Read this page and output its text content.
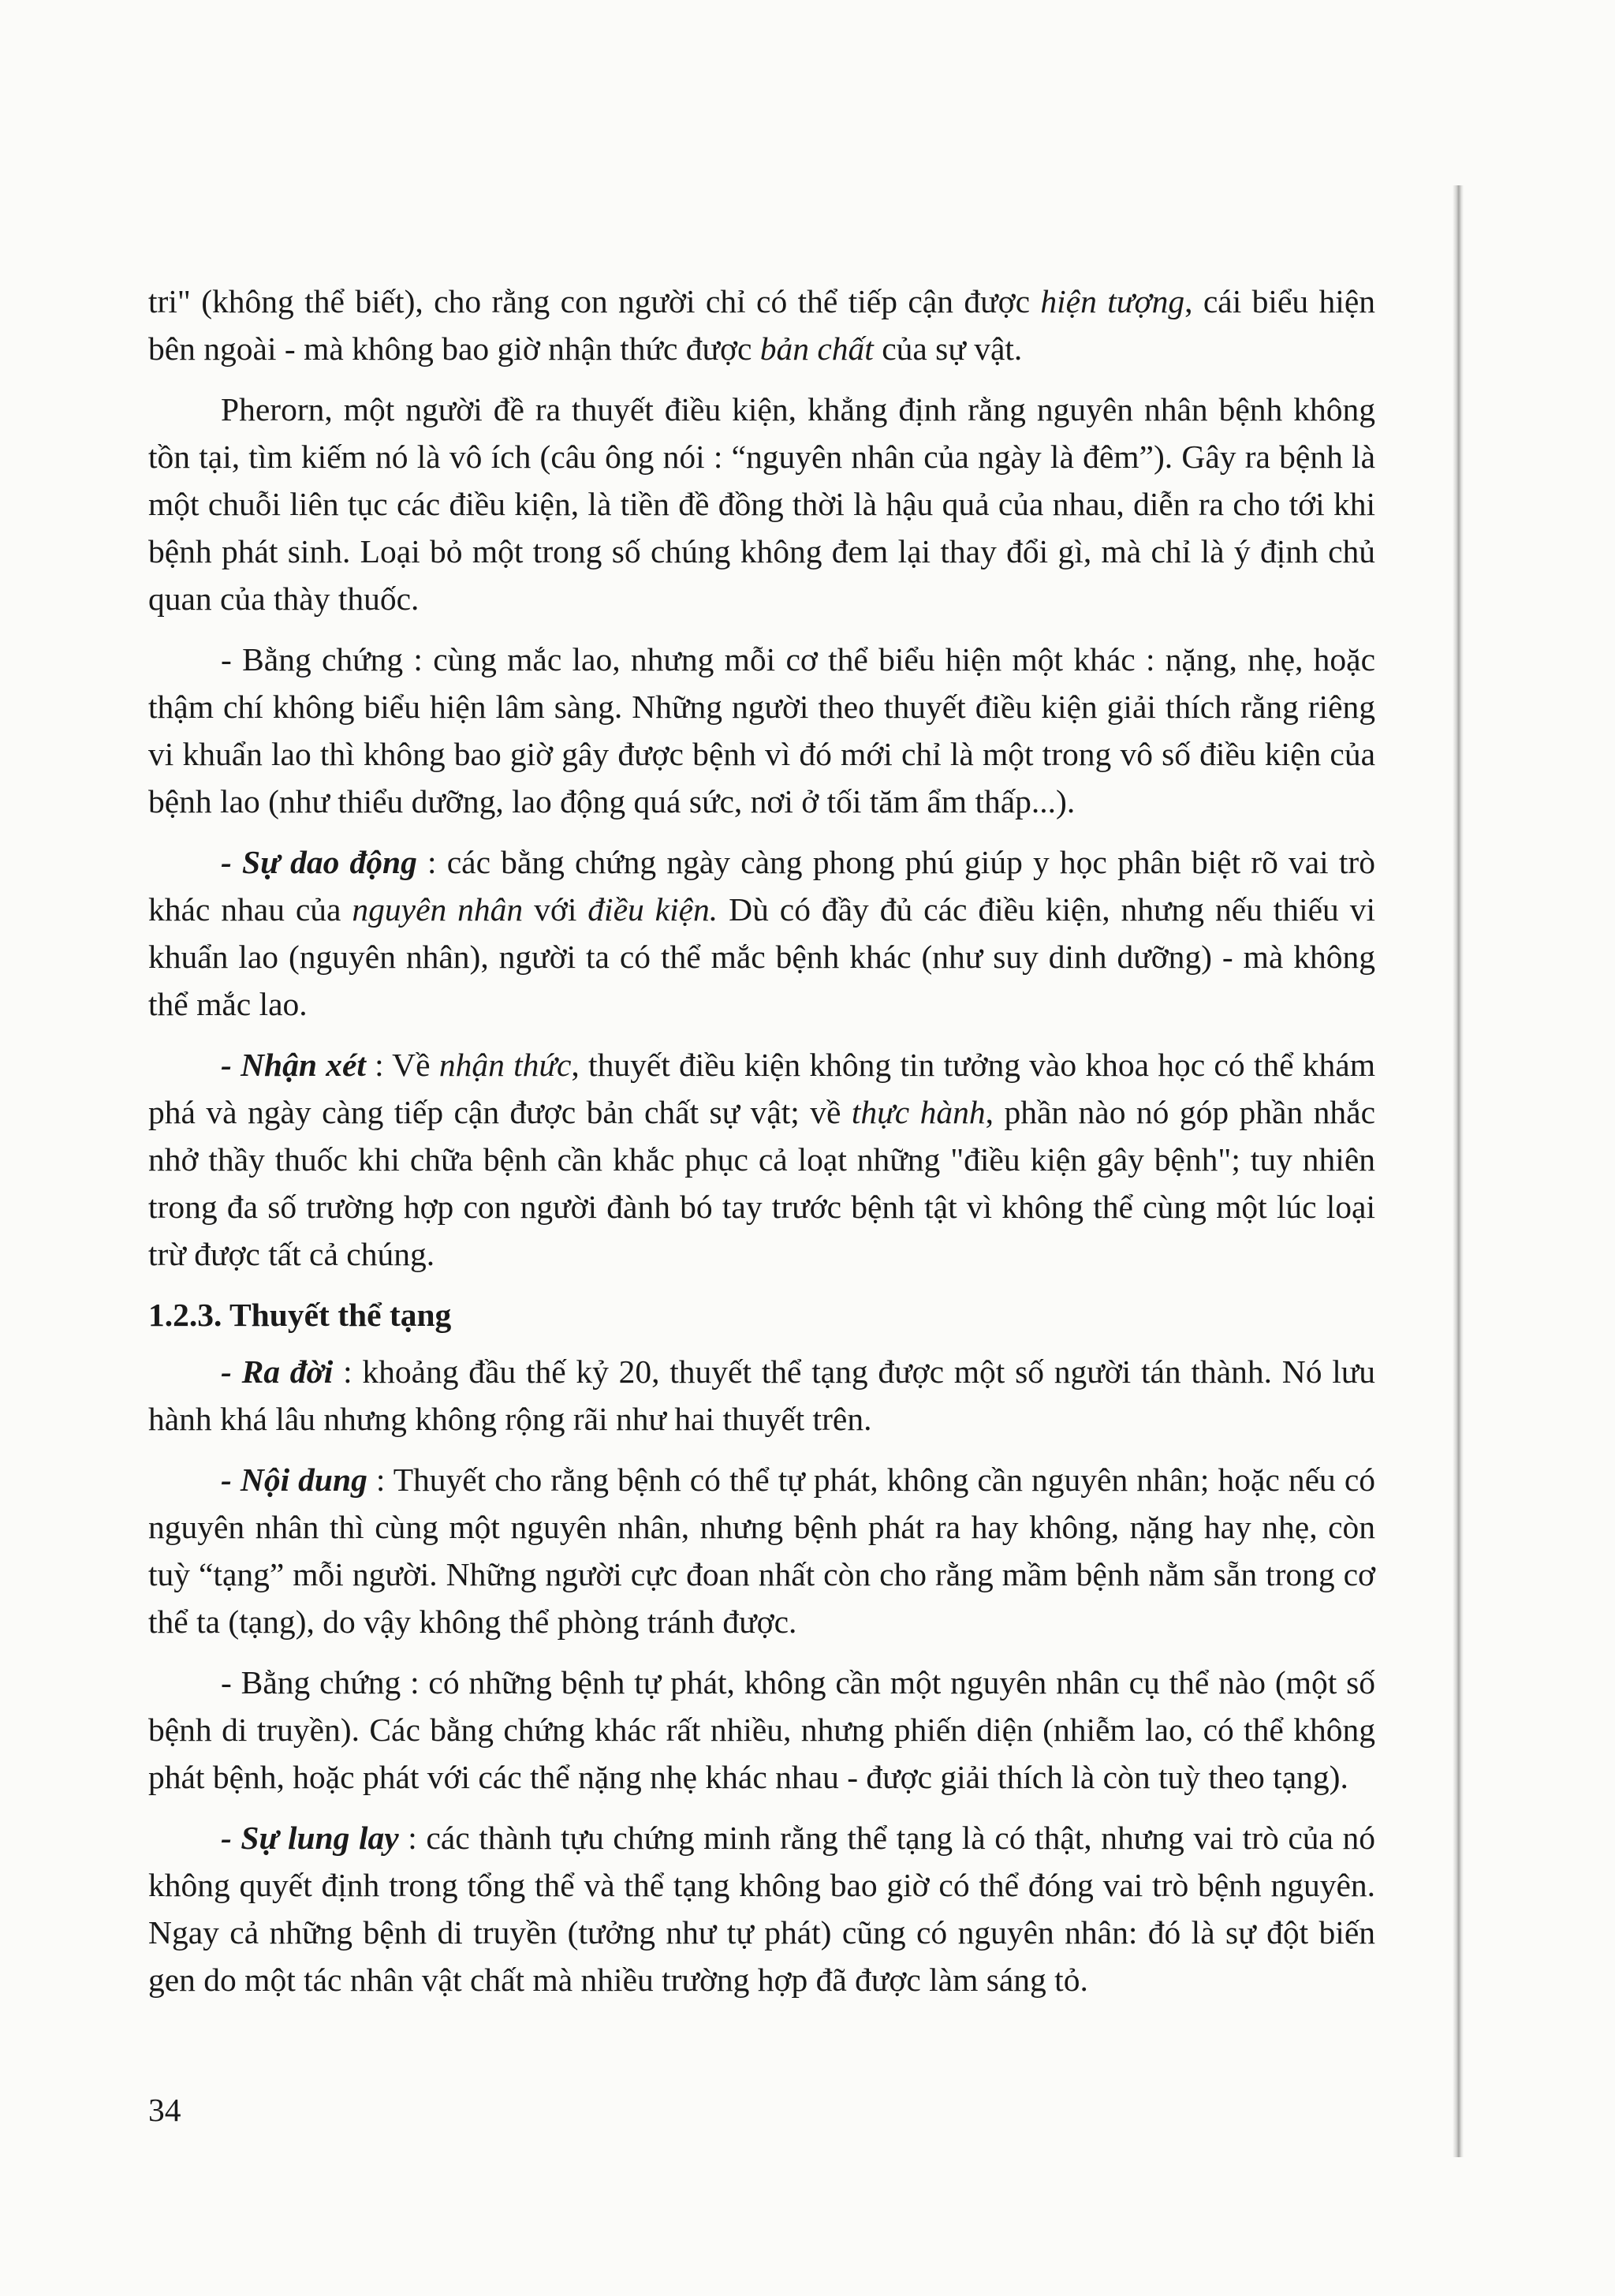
tri" (không thể biết), cho rằng con người chỉ có thể tiếp cận được hiện tượng, cái biểu hiện bên ngoài - mà không bao giờ nhận thức được bản chất của sự vật.

Pherorn, một người đề ra thuyết điều kiện, khẳng định rằng nguyên nhân bệnh không tồn tại, tìm kiếm nó là vô ích (câu ông nói : “nguyên nhân của ngày là đêm”). Gây ra bệnh là một chuỗi liên tục các điều kiện, là tiền đề đồng thời là hậu quả của nhau, diễn ra cho tới khi bệnh phát sinh. Loại bỏ một trong số chúng không đem lại thay đổi gì, mà chỉ là ý định chủ quan của thày thuốc.

- Bằng chứng : cùng mắc lao, nhưng mỗi cơ thể biểu hiện một khác : nặng, nhẹ, hoặc thậm chí không biểu hiện lâm sàng. Những người theo thuyết điều kiện giải thích rằng riêng vi khuẩn lao thì không bao giờ gây được bệnh vì đó mới chỉ là một trong vô số điều kiện của bệnh lao (như thiểu dưỡng, lao động quá sức, nơi ở tối tăm ẩm thấp...).

- Sự dao động : các bằng chứng ngày càng phong phú giúp y học phân biệt rõ vai trò khác nhau của nguyên nhân với điều kiện. Dù có đầy đủ các điều kiện, nhưng nếu thiếu vi khuẩn lao (nguyên nhân), người ta có thể mắc bệnh khác (như suy dinh dưỡng) - mà không thể mắc lao.

- Nhận xét : Về nhận thức, thuyết điều kiện không tin tưởng vào khoa học có thể khám phá và ngày càng tiếp cận được bản chất sự vật; về thực hành, phần nào nó góp phần nhắc nhở thầy thuốc khi chữa bệnh cần khắc phục cả loạt những "điều kiện gây bệnh"; tuy nhiên trong đa số trường hợp con người đành bó tay trước bệnh tật vì không thể cùng một lúc loại trừ được tất cả chúng.

1.2.3. Thuyết thể tạng

- Ra đời : khoảng đầu thế kỷ 20, thuyết thể tạng được một số người tán thành. Nó lưu hành khá lâu nhưng không rộng rãi như hai thuyết trên.

- Nội dung : Thuyết cho rằng bệnh có thể tự phát, không cần nguyên nhân; hoặc nếu có nguyên nhân thì cùng một nguyên nhân, nhưng bệnh phát ra hay không, nặng hay nhẹ, còn tuỳ “tạng” mỗi người. Những người cực đoan nhất còn cho rằng mầm bệnh nằm sẵn trong cơ thể ta (tạng), do vậy không thể phòng tránh được.

- Bằng chứng : có những bệnh tự phát, không cần một nguyên nhân cụ thể nào (một số bệnh di truyền). Các bằng chứng khác rất nhiều, nhưng phiến diện (nhiễm lao, có thể không phát bệnh, hoặc phát với các thể nặng nhẹ khác nhau - được giải thích là còn tuỳ theo tạng).

- Sự lung lay : các thành tựu chứng minh rằng thể tạng là có thật, nhưng vai trò của nó không quyết định trong tổng thể và thể tạng không bao giờ có thể đóng vai trò bệnh nguyên. Ngay cả những bệnh di truyền (tưởng như tự phát) cũng có nguyên nhân: đó là sự đột biến gen do một tác nhân vật chất mà nhiều trường hợp đã được làm sáng tỏ.

34
